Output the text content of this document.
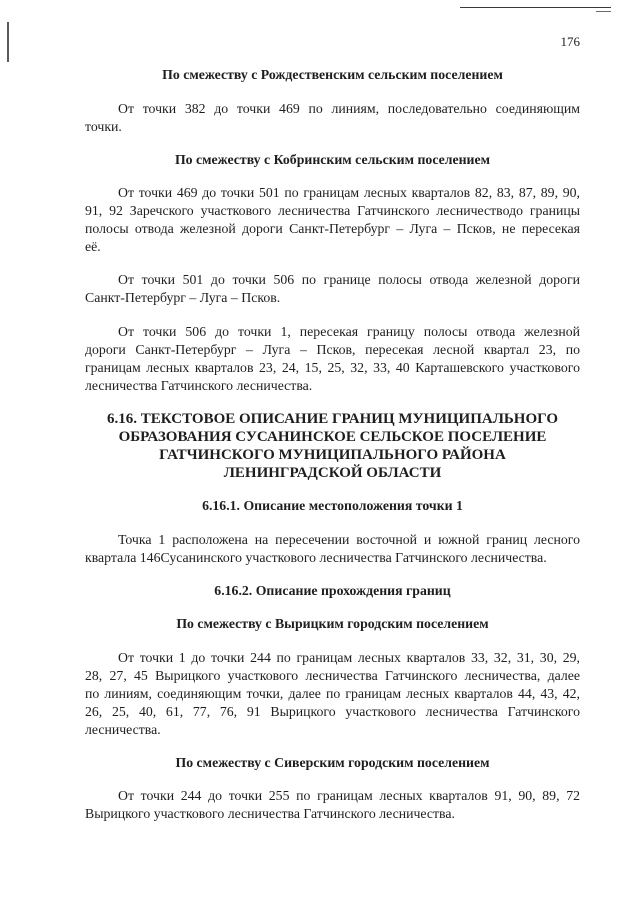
176
По смежеству с Рождественским сельским поселением
От точки 382 до точки 469 по линиям, последовательно соединяющим
точки.
По смежеству с Кобринским сельским поселением
От точки 469 до точки 501 по границам лесных кварталов 82, 83, 87, 89, 90,
91, 92 Заречского участкового лесничества Гатчинского лесничестводо границы
полосы отвода железной дороги Санкт-Петербург – Луга – Псков, не пересекая
её.
От точки 501 до точки 506 по границе полосы отвода железной дороги
Санкт-Петербург – Луга – Псков.
От точки 506 до точки 1, пересекая границу полосы отвода железной
дороги Санкт-Петербург – Луга – Псков, пересекая лесной квартал 23, по
границам лесных кварталов 23, 24, 15, 25, 32, 33, 40 Карташевского участкового
лесничества Гатчинского лесничества.
6.16. ТЕКСТОВОЕ ОПИСАНИЕ ГРАНИЦ МУНИЦИПАЛЬНОГО
ОБРАЗОВАНИЯ СУСАНИНСКОЕ СЕЛЬСКОЕ ПОСЕЛЕНИЕ
ГАТЧИНСКОГО МУНИЦИПАЛЬНОГО РАЙОНА
ЛЕНИНГРАДСКОЙ ОБЛАСТИ
6.16.1. Описание местоположения точки 1
Точка 1 расположена на пересечении восточной и южной границ лесного
квартала 146Сусанинского участкового лесничества Гатчинского лесничества.
6.16.2. Описание прохождения границ
По смежеству с Вырицким городским поселением
От точки 1 до точки 244 по границам лесных кварталов 33, 32, 31, 30, 29,
28, 27, 45 Вырицкого участкового лесничества Гатчинского лесничества, далее
по линиям, соединяющим точки, далее по границам лесных кварталов 44, 43, 42,
26, 25, 40, 61, 77, 76, 91 Вырицкого участкового лесничества Гатчинского
лесничества.
По смежеству с Сиверским городским поселением
От точки 244 до точки 255 по границам лесных кварталов 91, 90, 89, 72
Вырицкого участкового лесничества Гатчинского лесничества.
